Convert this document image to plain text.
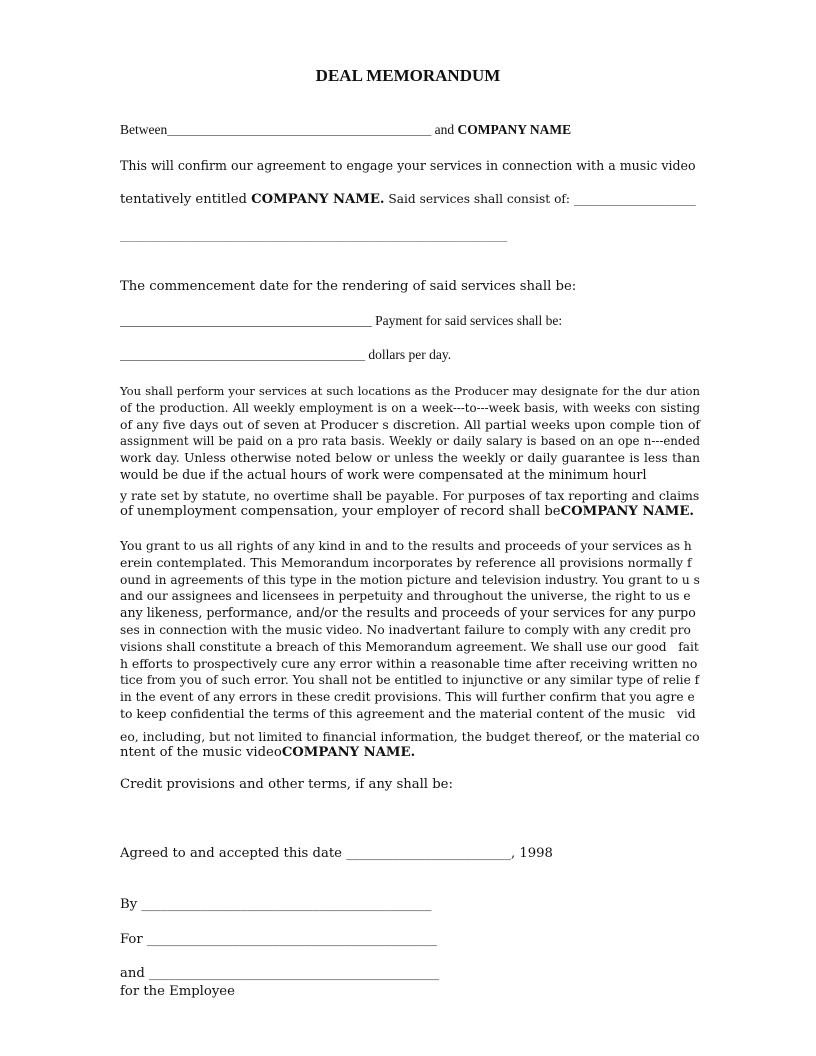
DEAL MEMORANDUM
Between________________________________________________ and COMPANY NAME
This will confirm our agreement to engage your services in connection with a music video
tentatively entitled COMPANY NAME. Said services shall consist of: ____________________
____________________________________________________________________________
The commencement date for the rendering of said services shall be:
_____________________________________________ Payment for said services shall be:
_____________________________________________ dollars per day.
You shall perform your services at such locations as the Producer may designate for the dur ation
of the production. All weekly employment is on a week---to---week basis, with weeks con sisting
of any five days out of seven at Producer s discretion. All partial weeks upon comple tion of
assignment will be paid on a pro rata basis. Weekly or daily salary is based on an ope n---ended
work day. Unless otherwise noted below or unless the weekly or daily guarantee is less than
would be due if the actual hours of work were compensated at the minimum hourl
y rate set by statute, no overtime shall be payable. For purposes of tax reporting and claims
of unemployment compensation, your employer of record shall beCOMPANY NAME.
You grant to us all rights of any kind in and to the results and proceeds of your services as h
erein contemplated. This Memorandum incorporates by reference all provisions normally f
ound in agreements of this type in the motion picture and television industry. You grant to u s
and our assignees and licensees in perpetuity and throughout the universe, the right to us e
any likeness, performance, and/or the results and proceeds of your services for any purpo
ses in connection with the music video. No inadvertant failure to comply with any credit pro
visions shall constitute a breach of this Memorandum agreement. We shall use our good   fait
h efforts to prospectively cure any error within a reasonable time after receiving written no
tice from you of such error. You shall not be entitled to injunctive or any similar type of relie f
in the event of any errors in these credit provisions. This will further confirm that you agre e
to keep confidential the terms of this agreement and the material content of the music   vid
eo, including, but not limited to financial information, the budget thereof, or the material co
ntent of the music videoCOMPANY NAME.
Credit provisions and other terms, if any shall be:
Agreed to and accepted this date _________________________, 1998
By ____________________________________________
For ____________________________________________
and ____________________________________________
for the Employee
